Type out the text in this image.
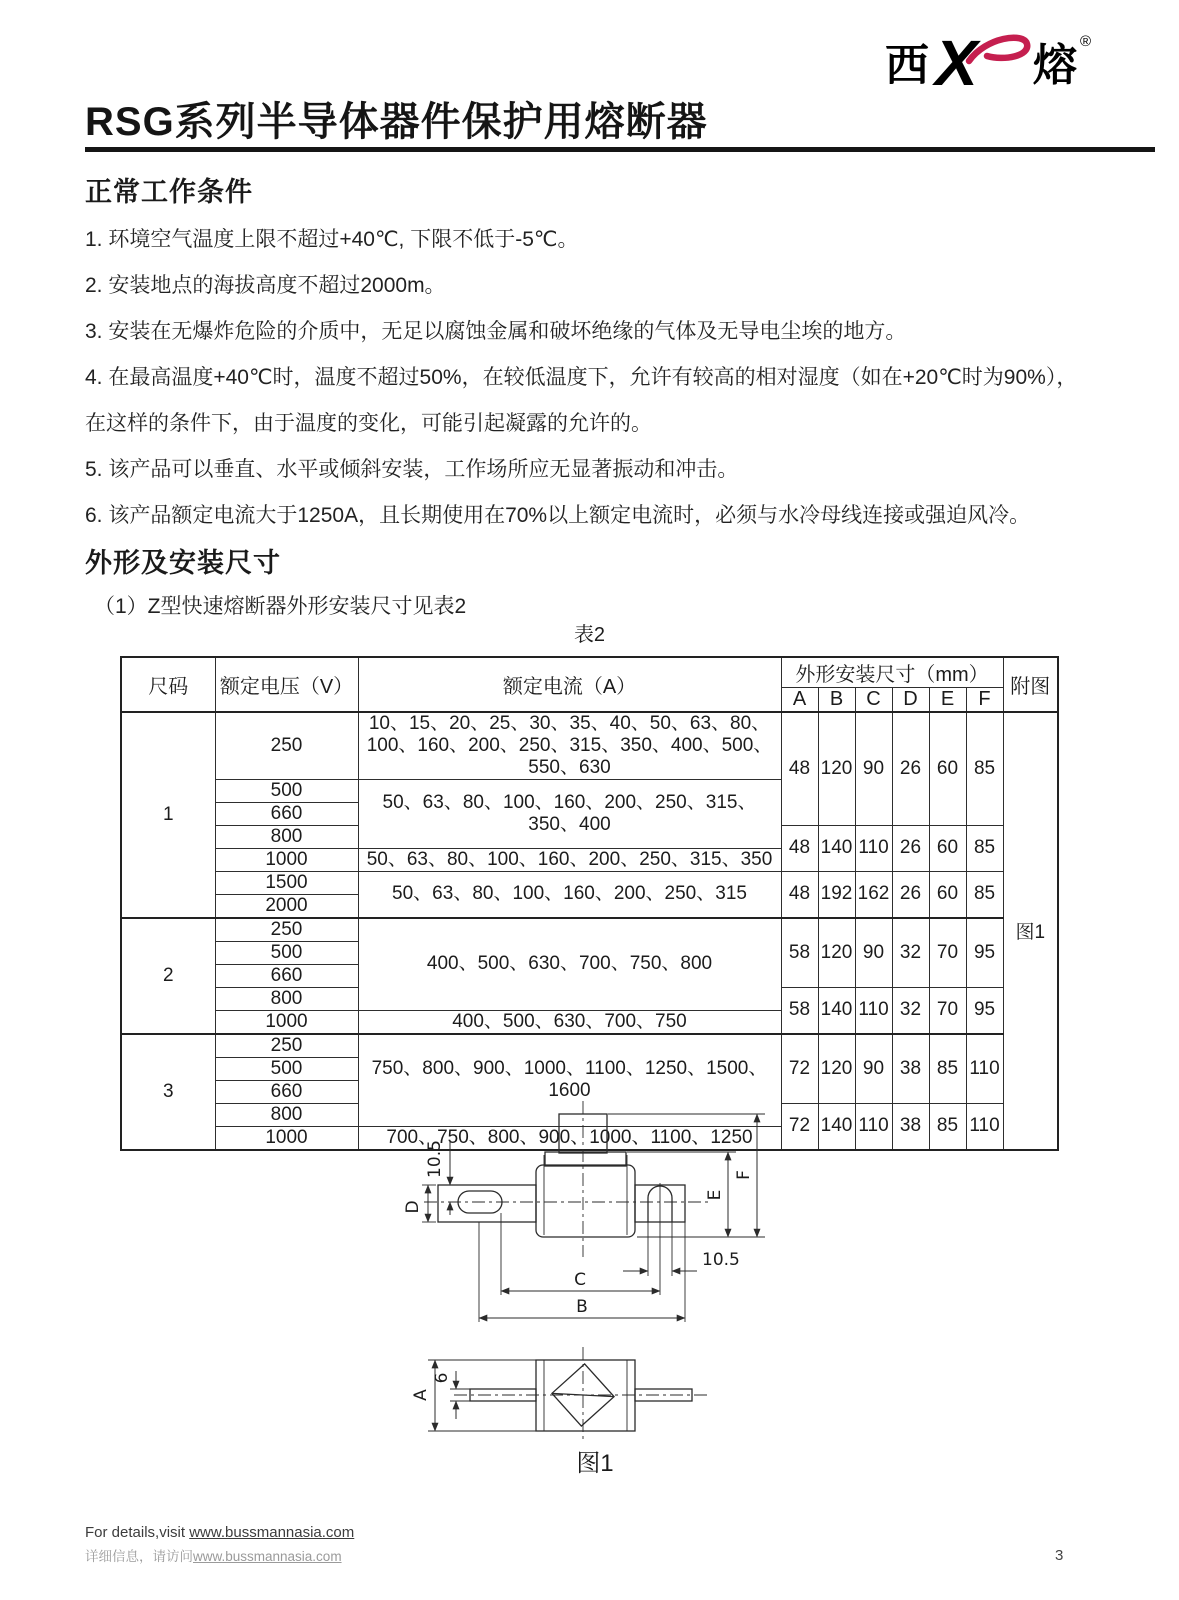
西 X 熔 ®
RSG系列半导体器件保护用熔断器
正常工作条件
1. 环境空气温度上限不超过+40℃, 下限不低于-5℃。
2. 安装地点的海拔高度不超过2000m。
3. 安装在无爆炸危险的介质中，无足以腐蚀金属和破坏绝缘的气体及无导电尘埃的地方。
4. 在最高温度+40℃时，温度不超过50%，在较低温度下，允许有较高的相对湿度（如在+20℃时为90%），
在这样的条件下，由于温度的变化，可能引起凝露的允许的。
5. 该产品可以垂直、水平或倾斜安装，工作场所应无显著振动和冲击。
6. 该产品额定电流大于1250A，且长期使用在70%以上额定电流时，必须与水冷母线连接或强迫风冷。
外形及安装尺寸
（1）Z型快速熔断器外形安装尺寸见表2
表2
尺码	额定电压（V）	额定电流（A）	外形安装尺寸（mm）						附图
			A	B	C	D	E	F	
1	250	10、15、20、25、30、35、40、50、63、80、100、160、200、250、315、350、400、500、550、630	48	120	90	26	60	85	图1
	500	50、63、80、100、160、200、250、315、350、400							
	660								
	800		48	140	110	26	60	85	
	1000	50、63、80、100、160、200、250、315、350							
	1500	50、63、80、100、160、200、250、315	48	192	162	26	60	85	
	2000								
2	250	400、500、630、700、750、800	58	120	90	32	70	95	
	500								
	660								
	800		58	140	110	32	70	95	
	1000	400、500、630、700、750							
3	250	750、800、900、1000、1100、1250、1500、1600	72	120	90	38	85	110	
	500								
	660								
	800		72	140	110	38	85	110	
	1000	700、750、800、900、1000、1100、1250							
D
10.5
E
F
10.5
C
B
A
6
图1
For details,visit www.bussmannasia.com
详细信息，请访问www.bussmannasia.com	3
